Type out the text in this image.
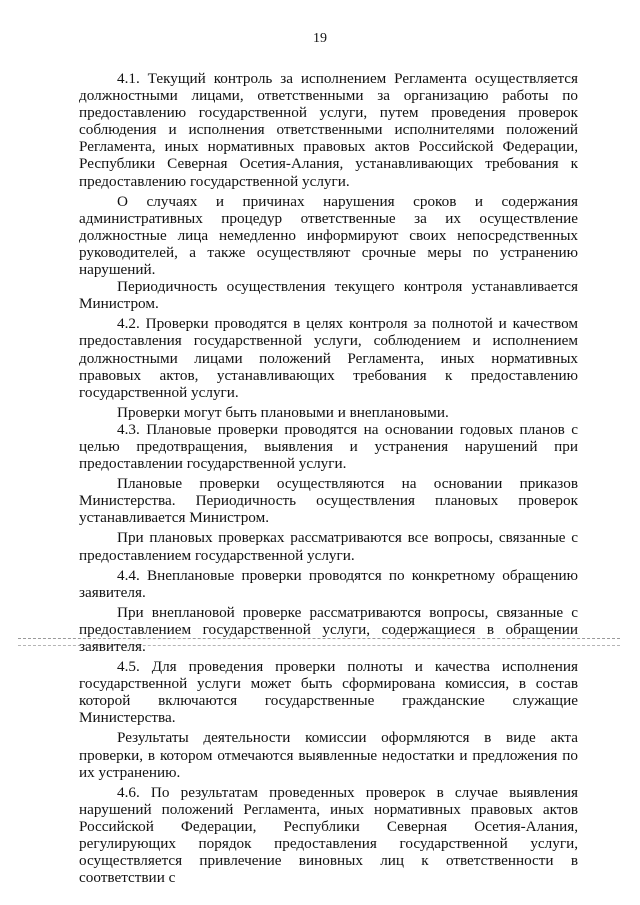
19

4.1. Текущий контроль за исполнением Регламента осуществляется должностными лицами, ответственными за организацию работы по предоставлению государственной услуги, путем проведения проверок соблюдения и исполнения ответственными исполнителями положений Регламента, иных нормативных правовых актов Российской Федерации, Республики Северная Осетия-Алания, устанавливающих требования к предоставлению государственной услуги.

О случаях и причинах нарушения сроков и содержания административных процедур ответственные за их осуществление должностные лица немедленно информируют своих непосредственных руководителей, а также осуществляют срочные меры по устранению нарушений.

Периодичность осуществления текущего контроля устанавливается Министром.

4.2. Проверки проводятся в целях контроля за полнотой и качеством предоставления государственной услуги, соблюдением и исполнением должностными лицами положений Регламента, иных нормативных правовых актов, устанавливающих требования к предоставлению государственной услуги.

Проверки могут быть плановыми и внеплановыми.

4.3. Плановые проверки проводятся на основании годовых планов с целью предотвращения, выявления и устранения нарушений при предоставлении государственной услуги.

Плановые проверки осуществляются на основании приказов Министерства. Периодичность осуществления плановых проверок устанавливается Министром.

При плановых проверках рассматриваются все вопросы, связанные с предоставлением государственной услуги.

4.4. Внеплановые проверки проводятся по конкретному обращению заявителя.

При внеплановой проверке рассматриваются вопросы, связанные с предоставлением государственной услуги, содержащиеся в обращении заявителя.

4.5. Для проведения проверки полноты и качества исполнения государственной услуги может быть сформирована комиссия, в состав которой включаются государственные гражданские служащие Министерства.

Результаты деятельности комиссии оформляются в виде акта проверки, в котором отмечаются выявленные недостатки и предложения по их устранению.

4.6. По результатам проведенных проверок в случае выявления нарушений положений Регламента, иных нормативных правовых актов Российской Федерации, Республики Северная Осетия-Алания, регулирующих порядок предоставления государственной услуги, осуществляется привлечение виновных лиц к ответственности в соответствии с
